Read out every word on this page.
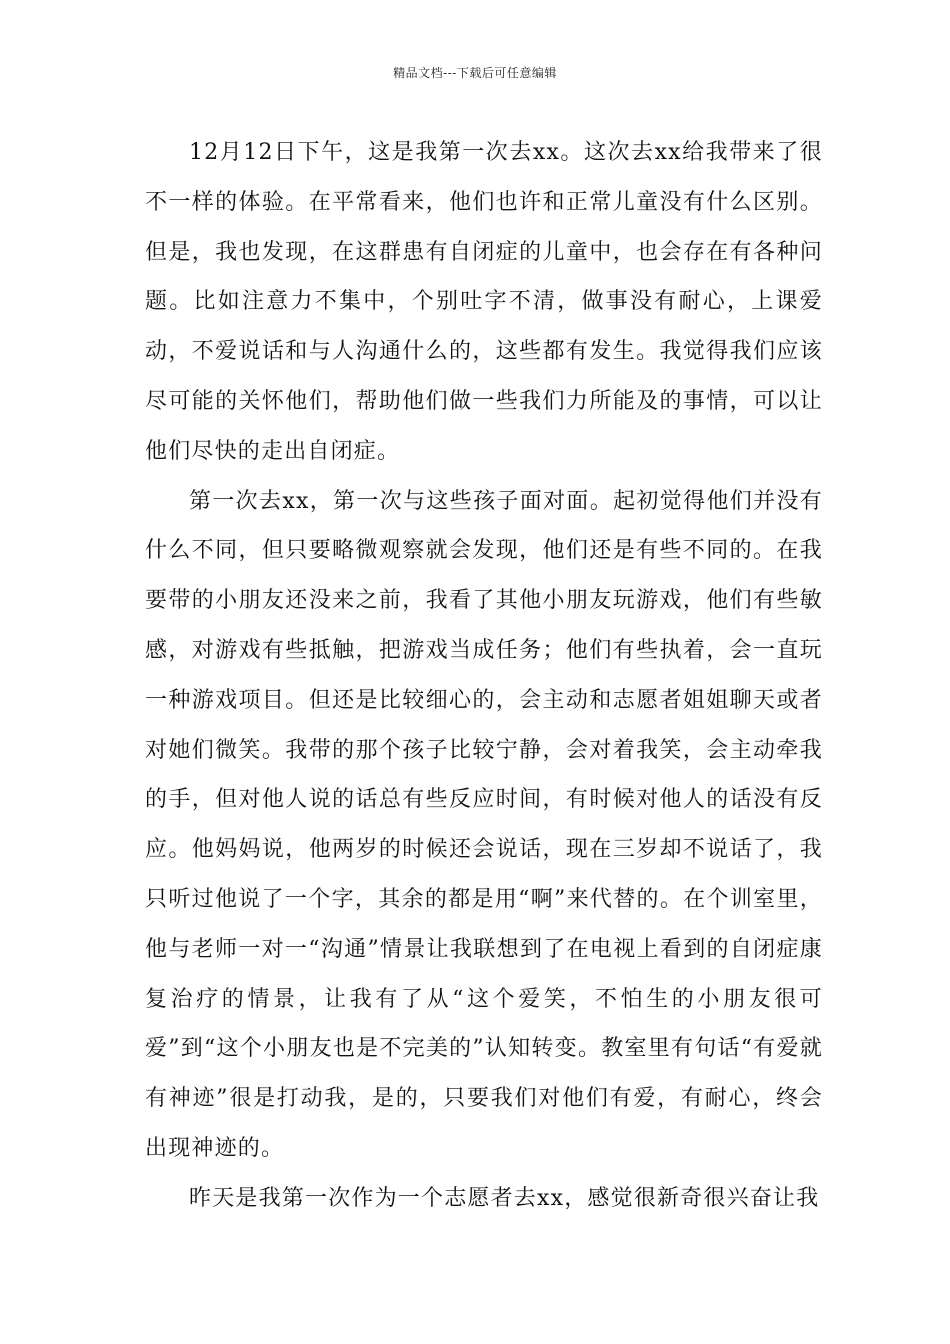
精品文档---下载后可任意编辑

12月12日下午，这是我第一次去xx。这次去xx给我带来了很不一样的体验。在平常看来，他们也许和正常儿童没有什么区别。但是，我也发现，在这群患有自闭症的儿童中，也会存在有各种问题。比如注意力不集中，个别吐字不清，做事没有耐心，上课爱动，不爱说话和与人沟通什么的，这些都有发生。我觉得我们应该尽可能的关怀他们，帮助他们做一些我们力所能及的事情，可以让他们尽快的走出自闭症。

第一次去xx，第一次与这些孩子面对面。起初觉得他们并没有什么不同，但只要略微观察就会发现，他们还是有些不同的。在我要带的小朋友还没来之前，我看了其他小朋友玩游戏，他们有些敏感，对游戏有些抵触，把游戏当成任务；他们有些执着，会一直玩一种游戏项目。但还是比较细心的，会主动和志愿者姐姐聊天或者对她们微笑。我带的那个孩子比较宁静，会对着我笑，会主动牵我的手，但对他人说的话总有些反应时间，有时候对他人的话没有反应。他妈妈说，他两岁的时候还会说话，现在三岁却不说话了，我只听过他说了一个字，其余的都是用“啊”来代替的。在个训室里，他与老师一对一“沟通”情景让我联想到了在电视上看到的自闭症康复治疗的情景，让我有了从“这个爱笑，不怕生的小朋友很可爱”到“这个小朋友也是不完美的”认知转变。教室里有句话“有爱就有神迹”很是打动我，是的，只要我们对他们有爱，有耐心，终会出现神迹的。

昨天是我第一次作为一个志愿者去xx，感觉很新奇很兴奋让我
